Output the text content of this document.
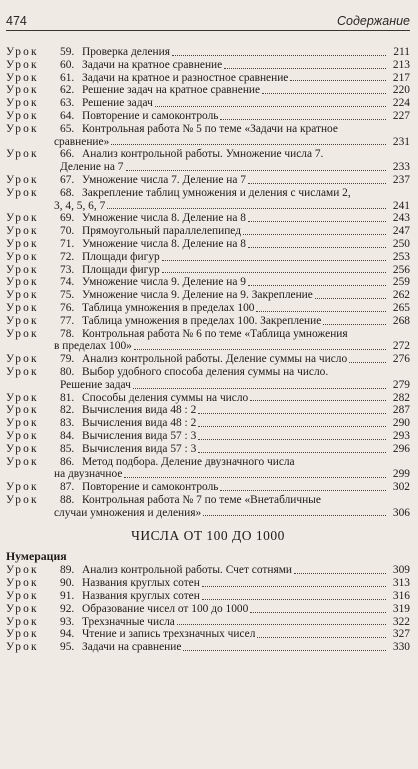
474	Содержание
Урок	59. Проверка деления	211
Урок	60. Задачи на кратное сравнение	213
Урок	61. Задачи на кратное и разностное сравнение	217
Урок	62. Решение задач на кратное сравнение	220
Урок	63. Решение задач	224
Урок	64. Повторение и самоконтроль	227
Урок	65. Контрольная работа № 5 по теме «Задачи на кратное
сравнение»	231
Урок	66. Анализ контрольной работы. Умножение числа 7.
Деление на 7	233
Урок	67. Умножение числа 7. Деление на 7	237
Урок	68. Закрепление таблиц умножения и деления с числами 2,
3, 4, 5, 6, 7	241
Урок	69. Умножение числа 8. Деление на 8	243
Урок	70. Прямоугольный параллелепипед	247
Урок	71. Умножение числа 8. Деление на 8	250
Урок	72. Площади фигур	253
Урок	73. Площади фигур	256
Урок	74. Умножение числа 9. Деление на 9	259
Урок	75. Умножение числа 9. Деление на 9. Закрепление	262
Урок	76. Таблица умножения в пределах 100	265
Урок	77. Таблица умножения в пределах 100. Закрепление	268
Урок	78. Контрольная работа № 6 по теме «Таблица умножения
в пределах 100»	272
Урок	79. Анализ контрольной работы. Деление суммы на число	276
Урок	80. Выбор удобного способа деления суммы на число.
Решение задач	279
Урок	81. Способы деления суммы на число	282
Урок	82. Вычисления вида 48 : 2	287
Урок	83. Вычисления вида 48 : 2	290
Урок	84. Вычисления вида 57 : 3	293
Урок	85. Вычисления вида 57 : 3	296
Урок	86. Метод подбора. Деление двузначного числа
на двузначное	299
Урок	87. Повторение и самоконтроль	302
Урок	88. Контрольная работа № 7 по теме «Внетабличные
случаи умножения и деления»	306
ЧИСЛА ОТ 100 ДО 1000
Нумерация
Урок	89. Анализ контрольной работы. Счет сотнями	309
Урок	90. Названия круглых сотен	313
Урок	91. Названия круглых сотен	316
Урок	92. Образование чисел от 100 до 1000	319
Урок	93. Трехзначные числа	322
Урок	94. Чтение и запись трехзначных чисел	327
Урок	95. Задачи на сравнение	330
